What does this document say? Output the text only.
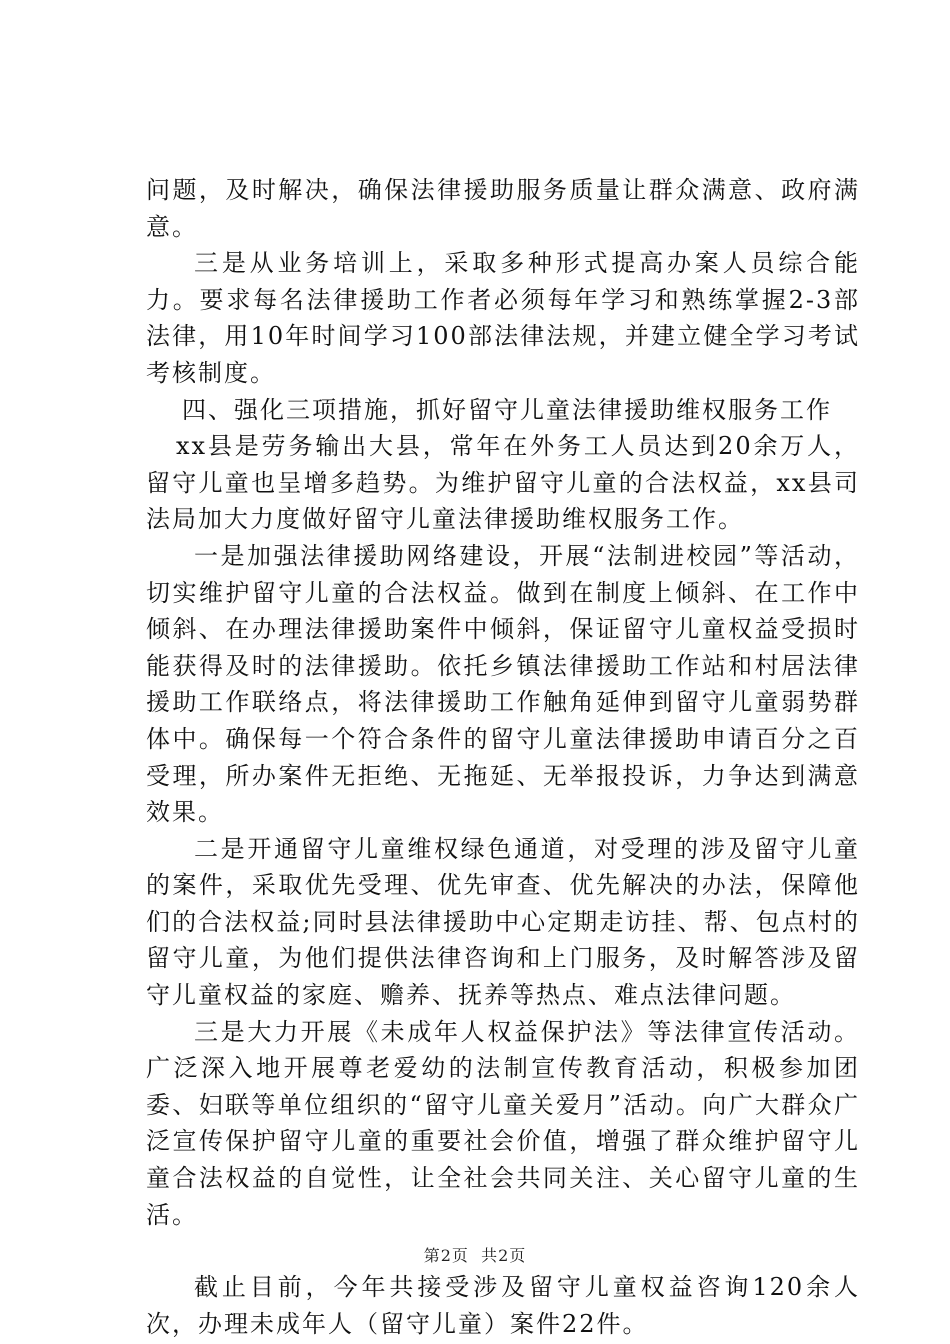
问题，及时解决，确保法律援助服务质量让群众满意、政府满意。

三是从业务培训上，采取多种形式提高办案人员综合能力。要求每名法律援助工作者必须每年学习和熟练掌握2-3部法律，用10年时间学习100部法律法规，并建立健全学习考试考核制度。

四、强化三项措施，抓好留守儿童法律援助维权服务工作

xx县是劳务输出大县，常年在外务工人员达到20余万人，留守儿童也呈增多趋势。为维护留守儿童的合法权益，xx县司法局加大力度做好留守儿童法律援助维权服务工作。

一是加强法律援助网络建设，开展“法制进校园”等活动，切实维护留守儿童的合法权益。做到在制度上倾斜、在工作中倾斜、在办理法律援助案件中倾斜，保证留守儿童权益受损时能获得及时的法律援助。依托乡镇法律援助工作站和村居法律援助工作联络点，将法律援助工作触角延伸到留守儿童弱势群体中。确保每一个符合条件的留守儿童法律援助申请百分之百受理，所办案件无拒绝、无拖延、无举报投诉，力争达到满意效果。

二是开通留守儿童维权绿色通道，对受理的涉及留守儿童的案件，采取优先受理、优先审查、优先解决的办法，保障他们的合法权益;同时县法律援助中心定期走访挂、帮、包点村的留守儿童，为他们提供法律咨询和上门服务，及时解答涉及留守儿童权益的家庭、赡养、抚养等热点、难点法律问题。

三是大力开展《未成年人权益保护法》等法律宣传活动。广泛深入地开展尊老爱幼的法制宣传教育活动，积极参加团委、妇联等单位组织的“留守儿童关爱月”活动。向广大群众广泛宣传保护留守儿童的重要社会价值，增强了群众维护留守儿童合法权益的自觉性，让全社会共同关注、关心留守儿童的生活。

截止目前，今年共接受涉及留守儿童权益咨询120余人次，办理未成年人（留守儿童）案件22件。

第2页  共2页
